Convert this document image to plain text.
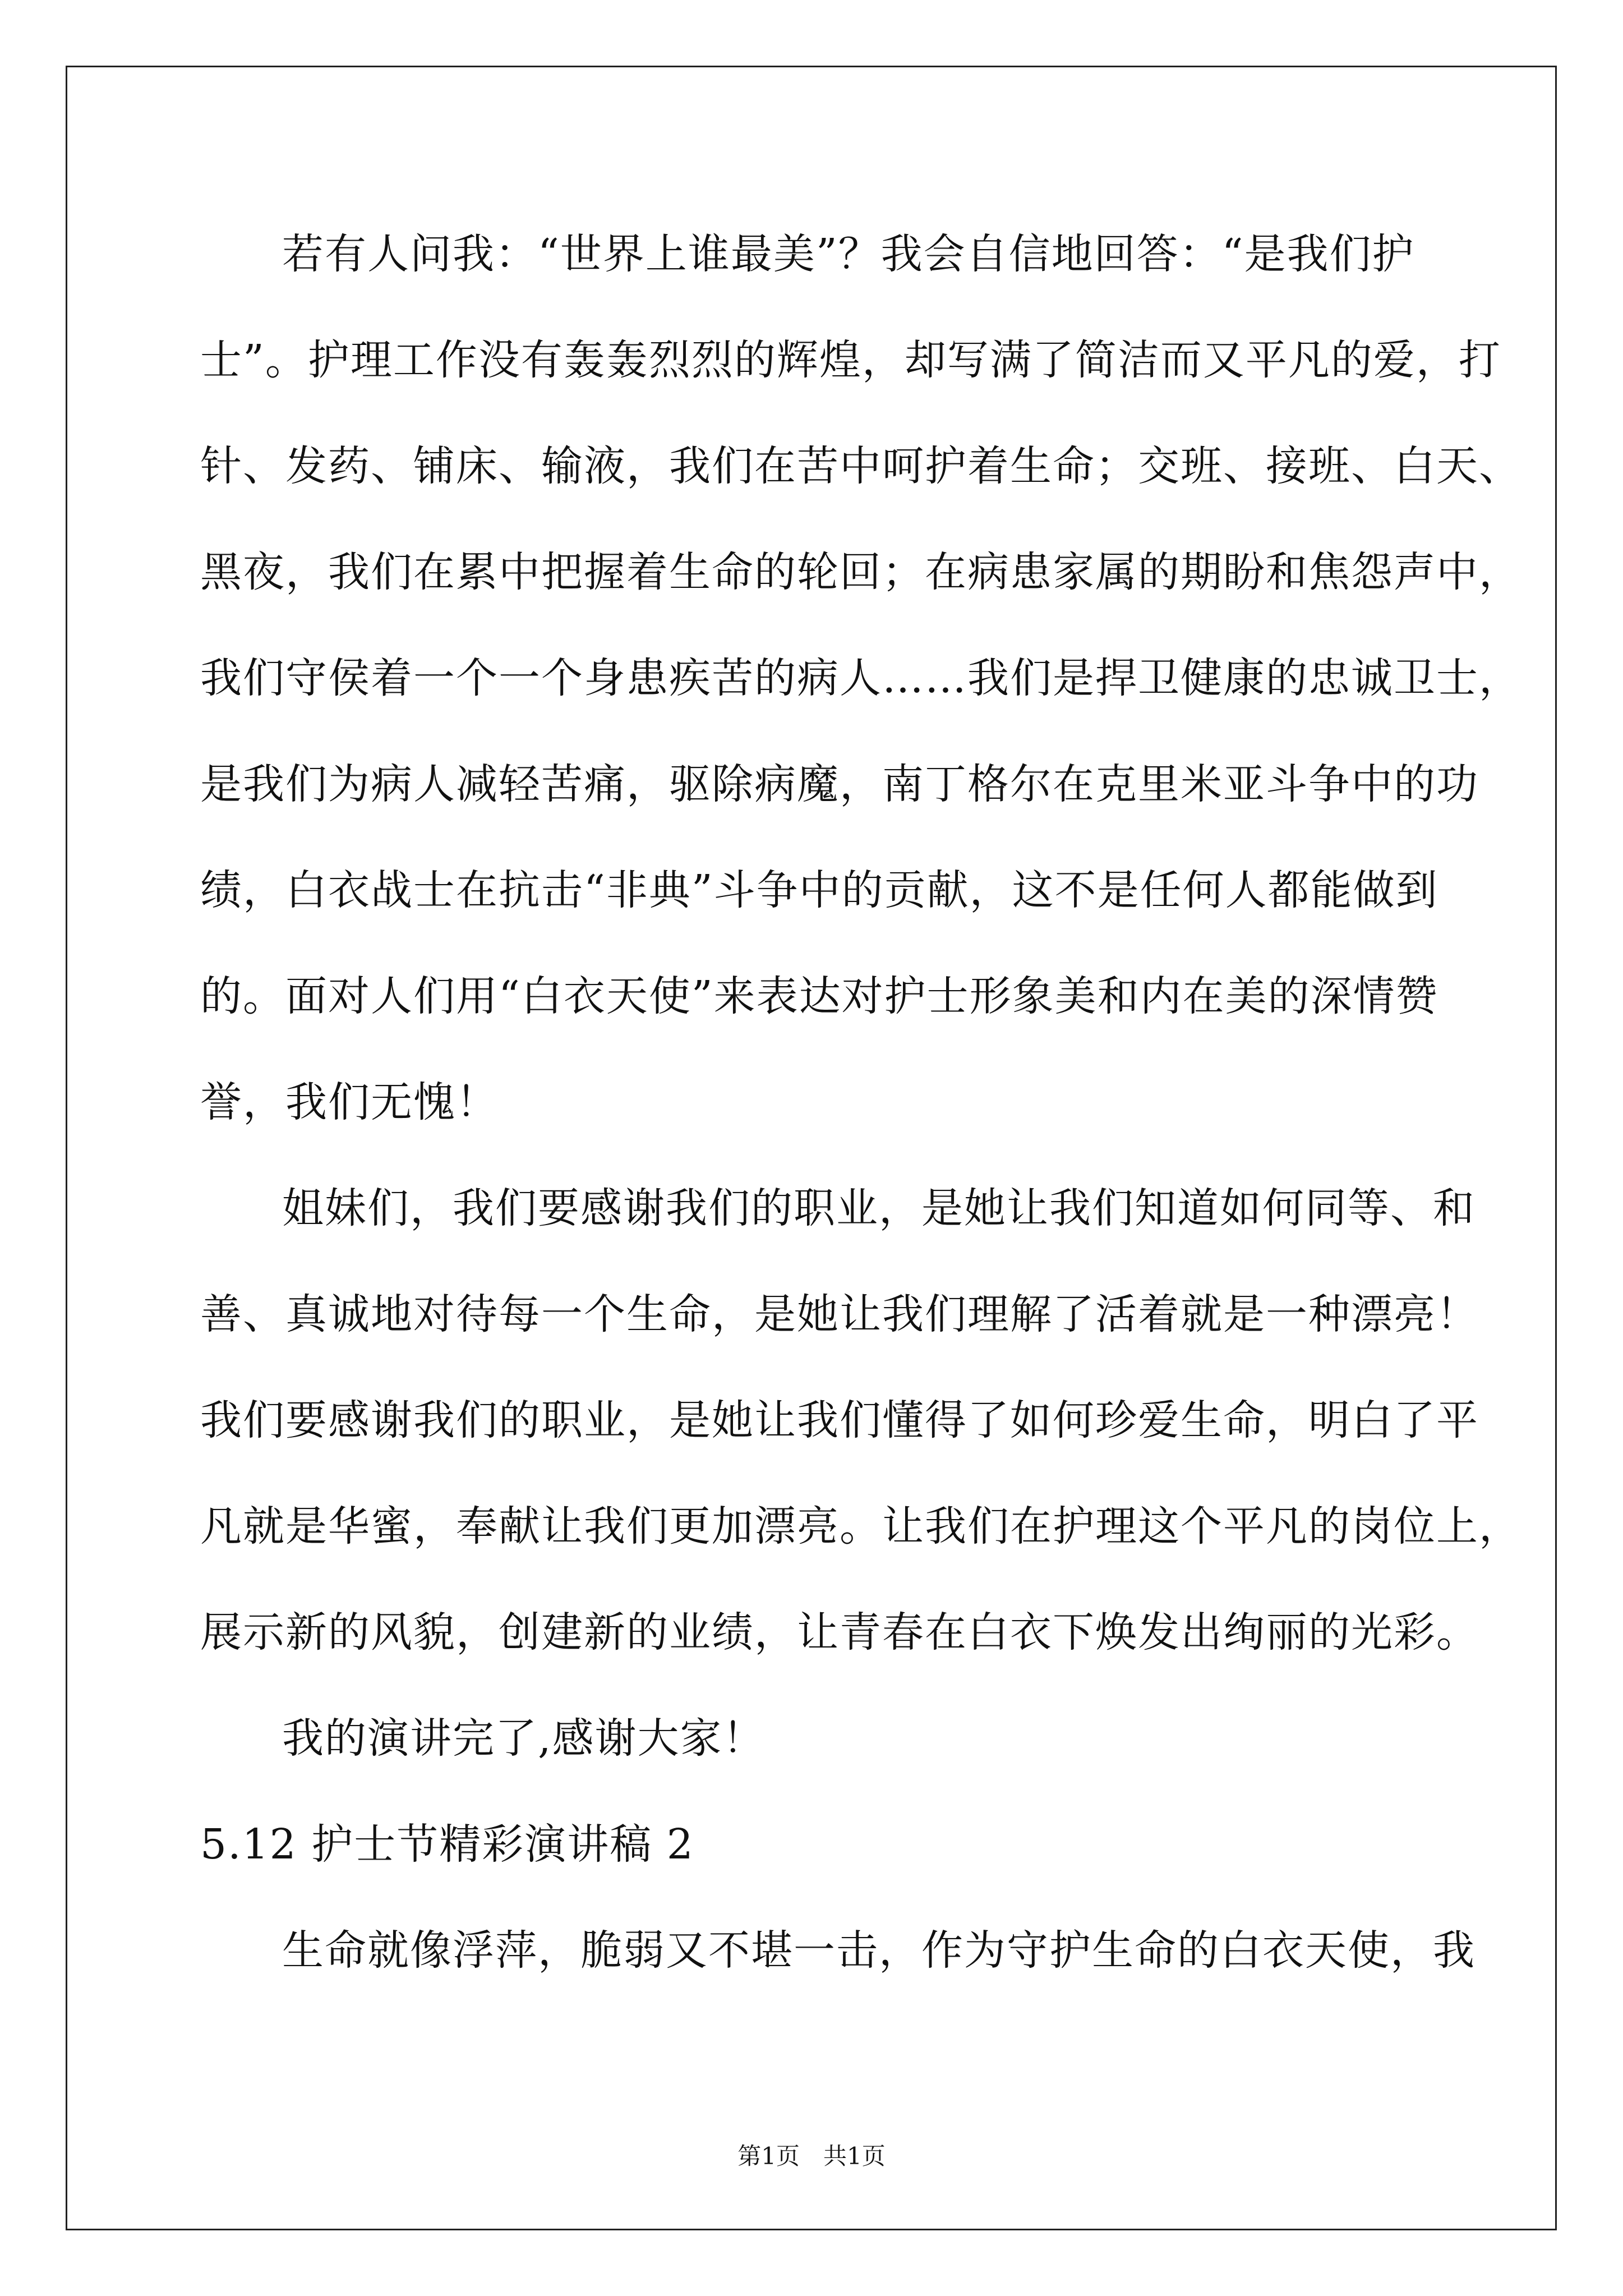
若有人问我：“世界上谁最美”？我会自信地回答：“是我们护
士”。护理工作没有轰轰烈烈的辉煌，却写满了简洁而又平凡的爱，打
针、发药、铺床、输液，我们在苦中呵护着生命；交班、接班、白天、
黑夜，我们在累中把握着生命的轮回；在病患家属的期盼和焦怨声中，
我们守侯着一个一个身患疾苦的病人……我们是捍卫健康的忠诚卫士，
是我们为病人减轻苦痛，驱除病魔，南丁格尔在克里米亚斗争中的功
绩，白衣战士在抗击“非典”斗争中的贡献，这不是任何人都能做到
的。面对人们用“白衣天使”来表达对护士形象美和内在美的深情赞
誉，我们无愧！
姐妹们，我们要感谢我们的职业，是她让我们知道如何同等、和
善、真诚地对待每一个生命，是她让我们理解了活着就是一种漂亮！
我们要感谢我们的职业，是她让我们懂得了如何珍爱生命，明白了平
凡就是华蜜，奉献让我们更加漂亮。让我们在护理这个平凡的岗位上，
展示新的风貌，创建新的业绩，让青春在白衣下焕发出绚丽的光彩。
我的演讲完了,感谢大家！
5.12 护士节精彩演讲稿 2
生命就像浮萍，脆弱又不堪一击，作为守护生命的白衣天使，我
第1页　共1页
